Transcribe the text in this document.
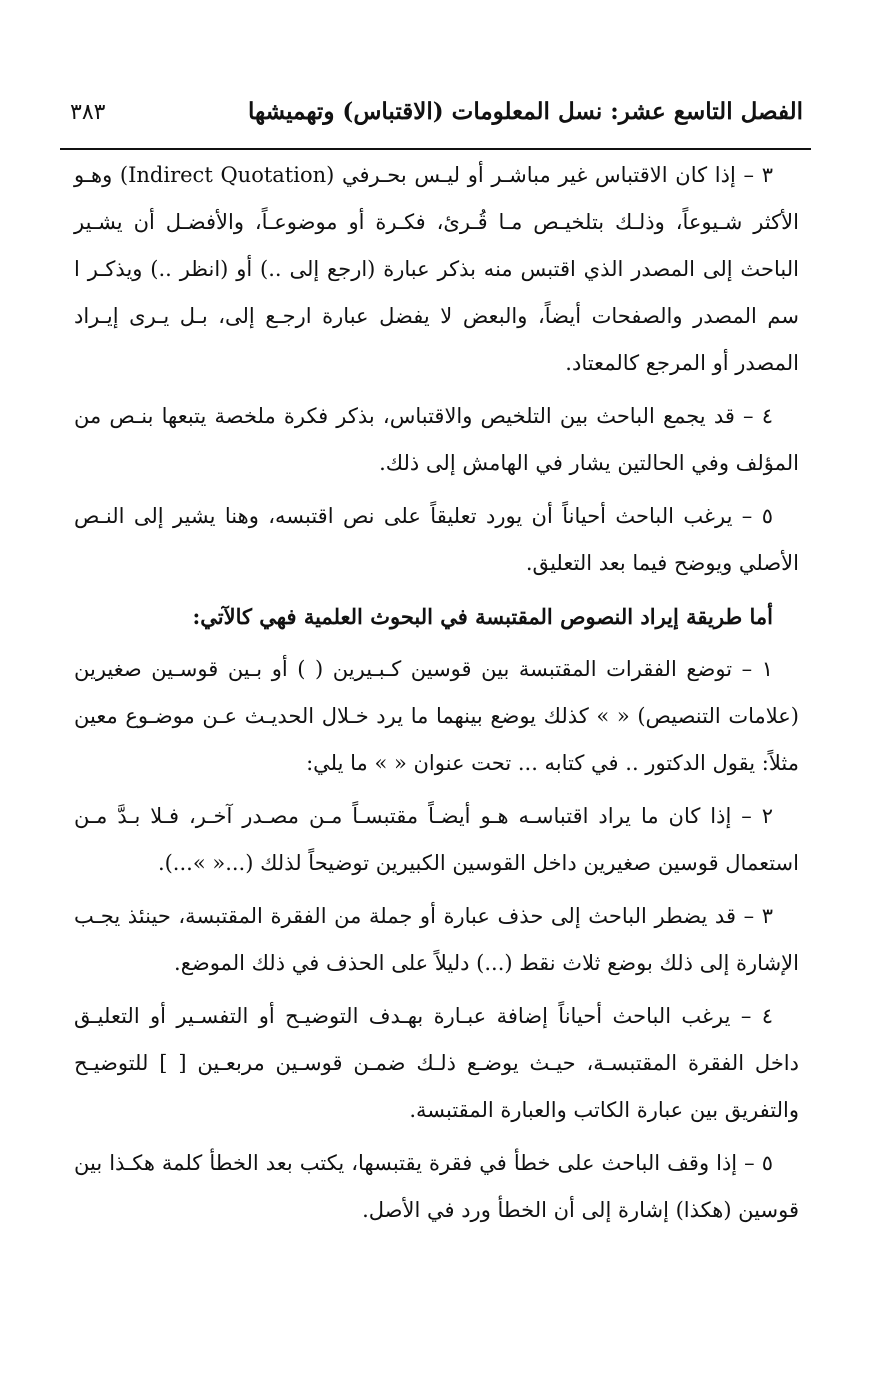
الفصل التاسع عشر: نسل المعلومات (الاقتباس) وتهميشها
٣٨٣

٣ – إذا كان الاقتباس غير مباشـر أو ليـس بحـرفي (Indirect Quotation) وهـو الأكثر شـيوعاً، وذلـك بتلخيـص مـا قُـرئ، فكـرة أو موضوعـاً، والأفضـل أن يشـير الباحث إلى المصدر الذي اقتبس منه بذكر عبارة (ارجع إلى ..) أو (انظر ..) ويذكـر ا سم المصدر والصفحات أيضاً، والبعض لا يفضل عبارة ارجـع إلى، بـل يـرى إيـراد المصدر أو المرجع كالمعتاد.

٤ – قد يجمع الباحث بين التلخيص والاقتباس، بذكر فكرة ملخصة يتبعها بنـص من المؤلف وفي الحالتين يشار في الهامش إلى ذلك.

٥ – يرغب الباحث أحياناً أن يورد تعليقاً على نص اقتبسه، وهنا يشير إلى النـص الأصلي ويوضح فيما بعد التعليق.

أما طريقة إيراد النصوص المقتبسة في البحوث العلمية فهي كالآتي:

١ – توضع الفقرات المقتبسة بين قوسين كـبـيرين ( ) أو بـين قوسـين صغيرين (علامات التنصيص) « » كذلك يوضع بينهما ما يرد خـلال الحديـث عـن موضـوع معين مثلاً: يقول الدكتور .. في كتابه ... تحت عنوان « » ما يلي:

٢ – إذا كان ما يراد اقتباسـه هـو أيضـاً مقتبسـاً مـن مصـدر آخـر، فـلا بـدَّ مـن استعمال قوسين صغيرين داخل القوسين الكبيرين توضيحاً لذلك (...« »...).

٣ – قد يضطر الباحث إلى حذف عبارة أو جملة من الفقرة المقتبسة، حينئذ يجـب الإشارة إلى ذلك بوضع ثلاث نقط (...) دليلاً على الحذف في ذلك الموضع.

٤ – يرغب الباحث أحياناً إضافة عبـارة بهـدف التوضيـح أو التفسـير أو التعليـق داخل الفقرة المقتبسـة، حيـث يوضـع ذلـك ضمـن قوسـين مربعـين [ ] للتوضيـح والتفريق بين عبارة الكاتب والعبارة المقتبسة.

٥ – إذا وقف الباحث على خطأ في فقرة يقتبسها، يكتب بعد الخطأ كلمة هكـذا بين قوسين (هكذا) إشارة إلى أن الخطأ ورد في الأصل.
